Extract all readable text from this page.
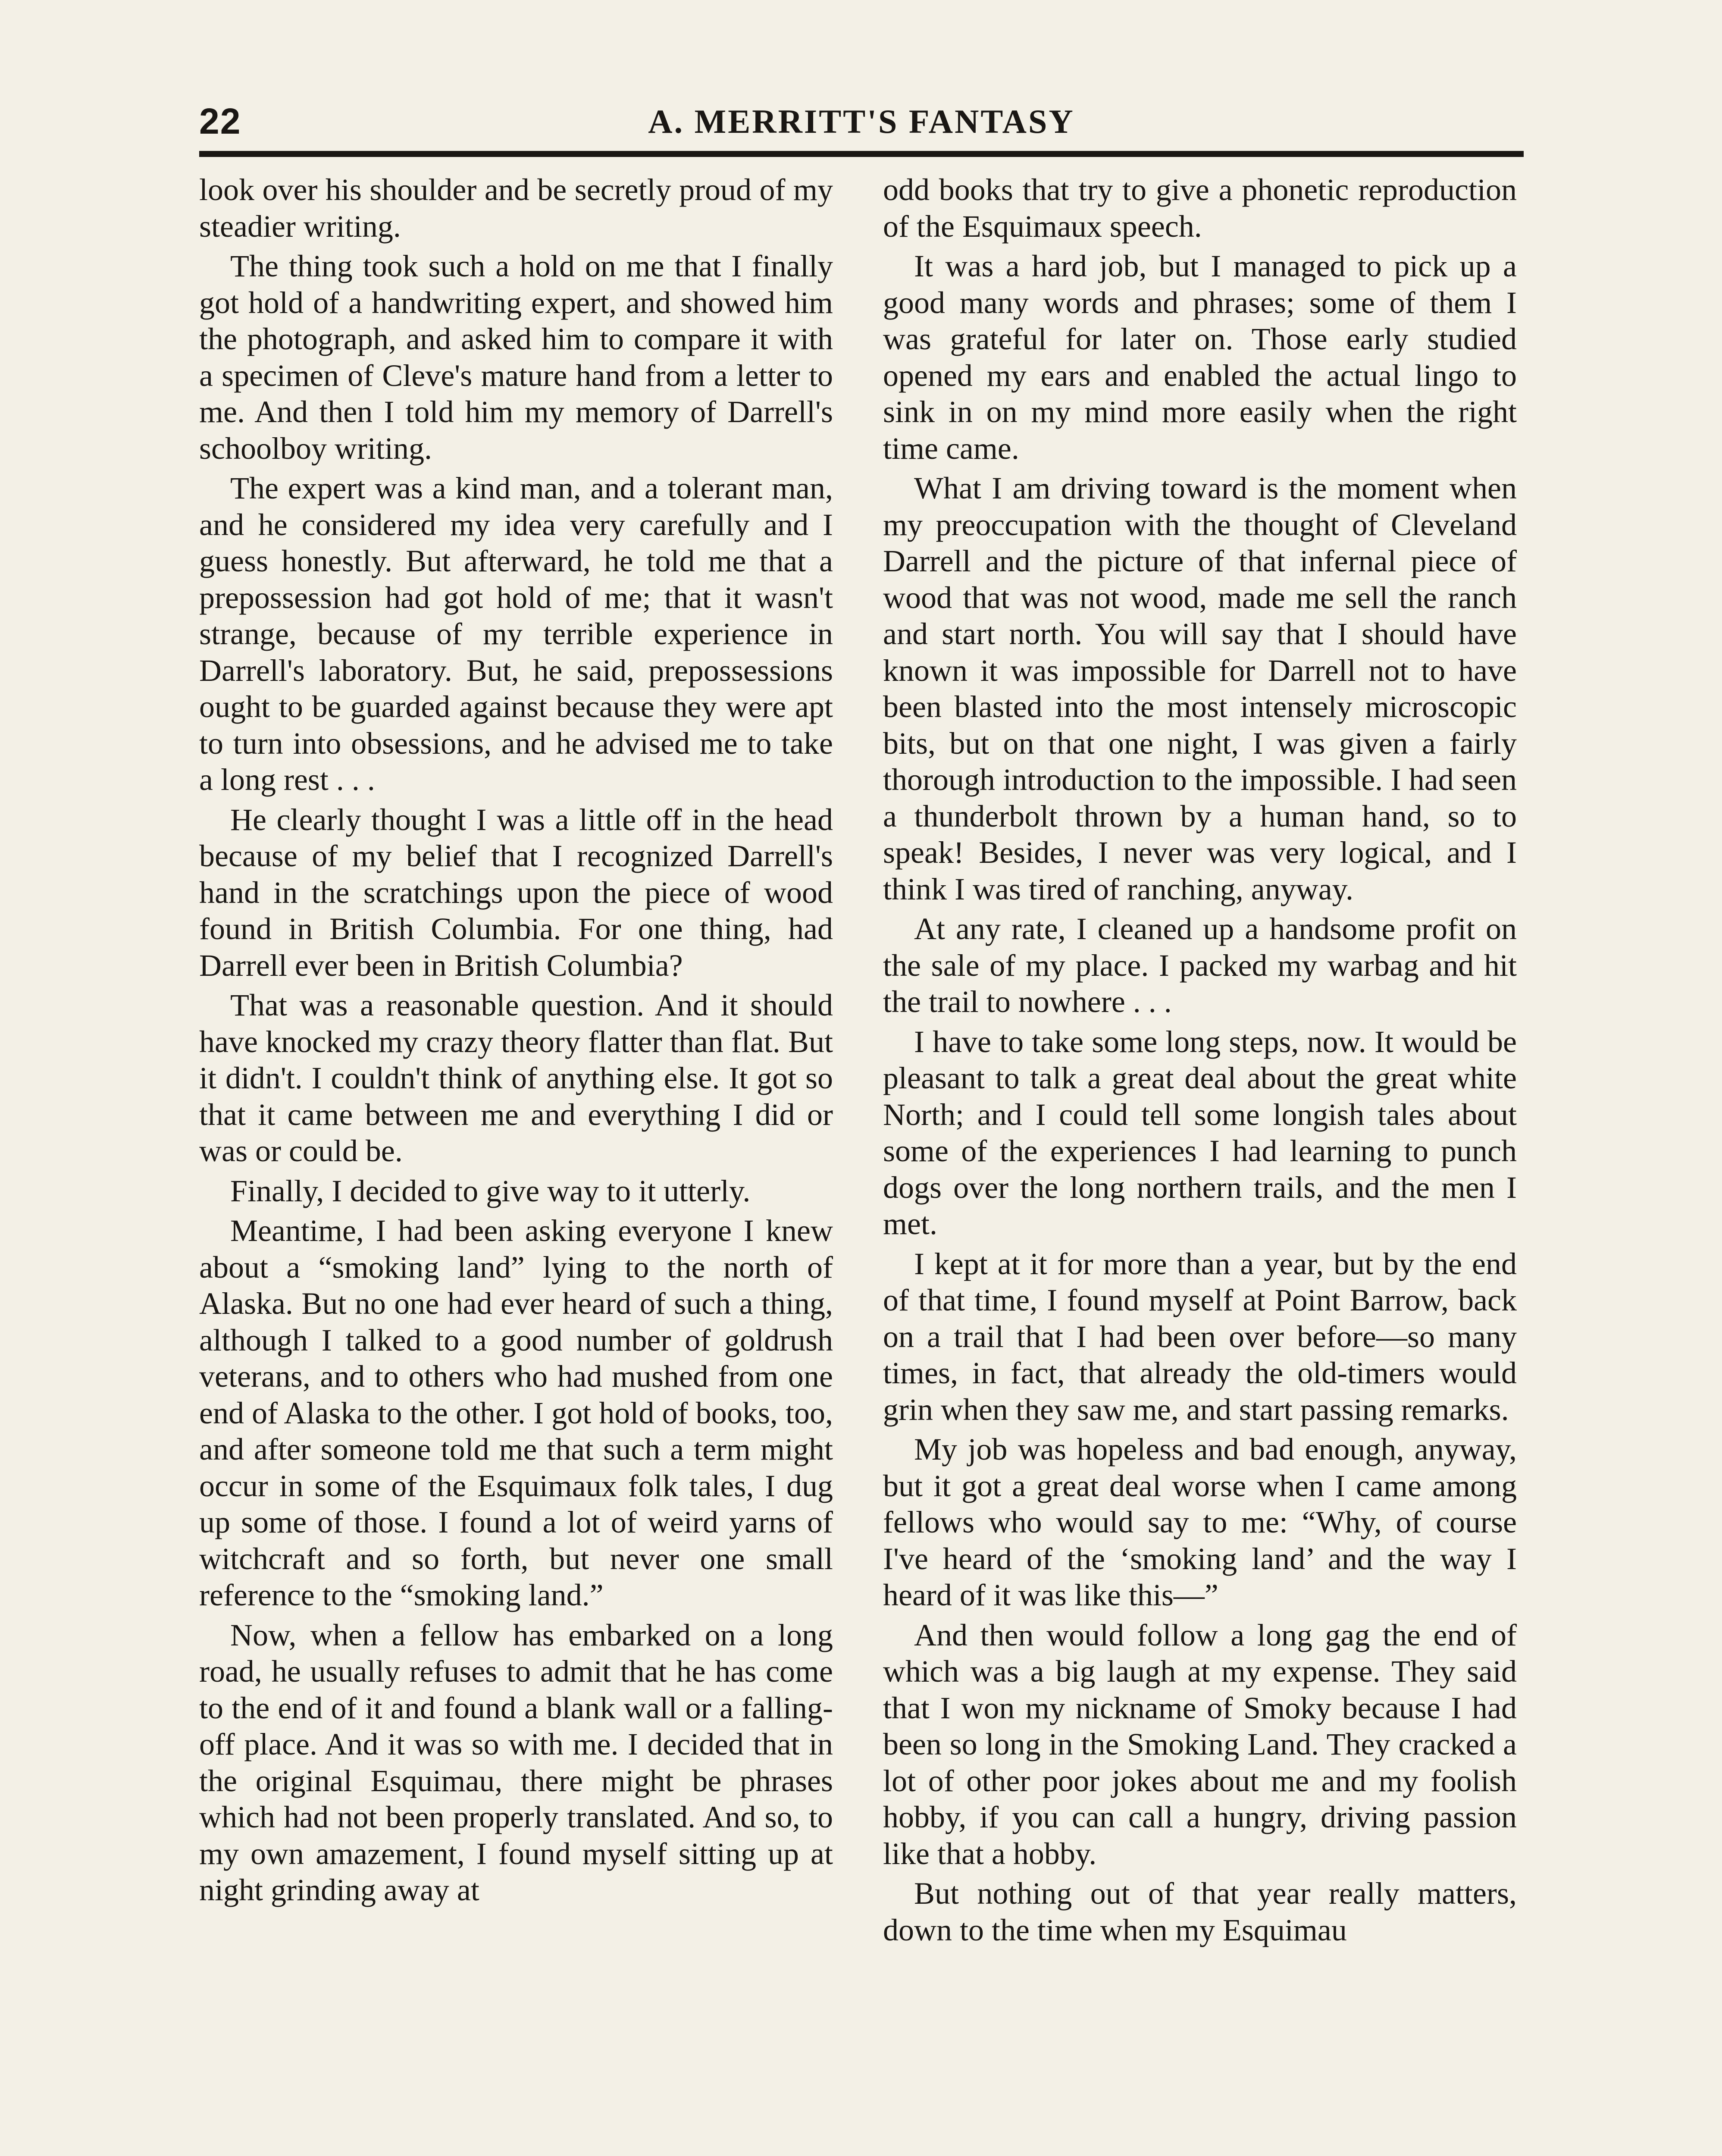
22	A. MERRITT'S FANTASY

look over his shoulder and be secretly proud of my steadier writing.

The thing took such a hold on me that I finally got hold of a handwriting expert, and showed him the photograph, and asked him to compare it with a specimen of Cleve's mature hand from a letter to me. And then I told him my memory of Darrell's schoolboy writing.

The expert was a kind man, and a tolerant man, and he considered my idea very carefully and I guess honestly. But afterward, he told me that a prepossession had got hold of me; that it wasn't strange, because of my terrible experience in Darrell's laboratory. But, he said, prepossessions ought to be guarded against because they were apt to turn into obsessions, and he advised me to take a long rest . . .

He clearly thought I was a little off in the head because of my belief that I recognized Darrell's hand in the scratchings upon the piece of wood found in British Columbia. For one thing, had Darrell ever been in British Columbia?

That was a reasonable question. And it should have knocked my crazy theory flatter than flat. But it didn't. I couldn't think of anything else. It got so that it came between me and everything I did or was or could be.

Finally, I decided to give way to it utterly.

Meantime, I had been asking everyone I knew about a “smoking land” lying to the north of Alaska. But no one had ever heard of such a thing, although I talked to a good number of goldrush veterans, and to others who had mushed from one end of Alaska to the other. I got hold of books, too, and after someone told me that such a term might occur in some of the Esquimaux folk tales, I dug up some of those. I found a lot of weird yarns of witchcraft and so forth, but never one small reference to the “smoking land.”

Now, when a fellow has embarked on a long road, he usually refuses to admit that he has come to the end of it and found a blank wall or a falling-off place. And it was so with me. I decided that in the original Esquimau, there might be phrases which had not been properly translated. And so, to my own amazement, I found myself sitting up at night grinding away at

odd books that try to give a phonetic reproduction of the Esquimaux speech.

It was a hard job, but I managed to pick up a good many words and phrases; some of them I was grateful for later on. Those early studied opened my ears and enabled the actual lingo to sink in on my mind more easily when the right time came.

What I am driving toward is the moment when my preoccupation with the thought of Cleveland Darrell and the picture of that infernal piece of wood that was not wood, made me sell the ranch and start north. You will say that I should have known it was impossible for Darrell not to have been blasted into the most intensely microscopic bits, but on that one night, I was given a fairly thorough introduction to the impossible. I had seen a thunderbolt thrown by a human hand, so to speak! Besides, I never was very logical, and I think I was tired of ranching, anyway.

At any rate, I cleaned up a handsome profit on the sale of my place. I packed my warbag and hit the trail to nowhere . . .

I have to take some long steps, now. It would be pleasant to talk a great deal about the great white North; and I could tell some longish tales about some of the experiences I had learning to punch dogs over the long northern trails, and the men I met.

I kept at it for more than a year, but by the end of that time, I found myself at Point Barrow, back on a trail that I had been over before—so many times, in fact, that already the old-timers would grin when they saw me, and start passing remarks.

My job was hopeless and bad enough, anyway, but it got a great deal worse when I came among fellows who would say to me: “Why, of course I've heard of the ‘smoking land’ and the way I heard of it was like this—”

And then would follow a long gag the end of which was a big laugh at my expense. They said that I won my nickname of Smoky because I had been so long in the Smoking Land. They cracked a lot of other poor jokes about me and my foolish hobby, if you can call a hungry, driving passion like that a hobby.

But nothing out of that year really matters, down to the time when my Esquimau
